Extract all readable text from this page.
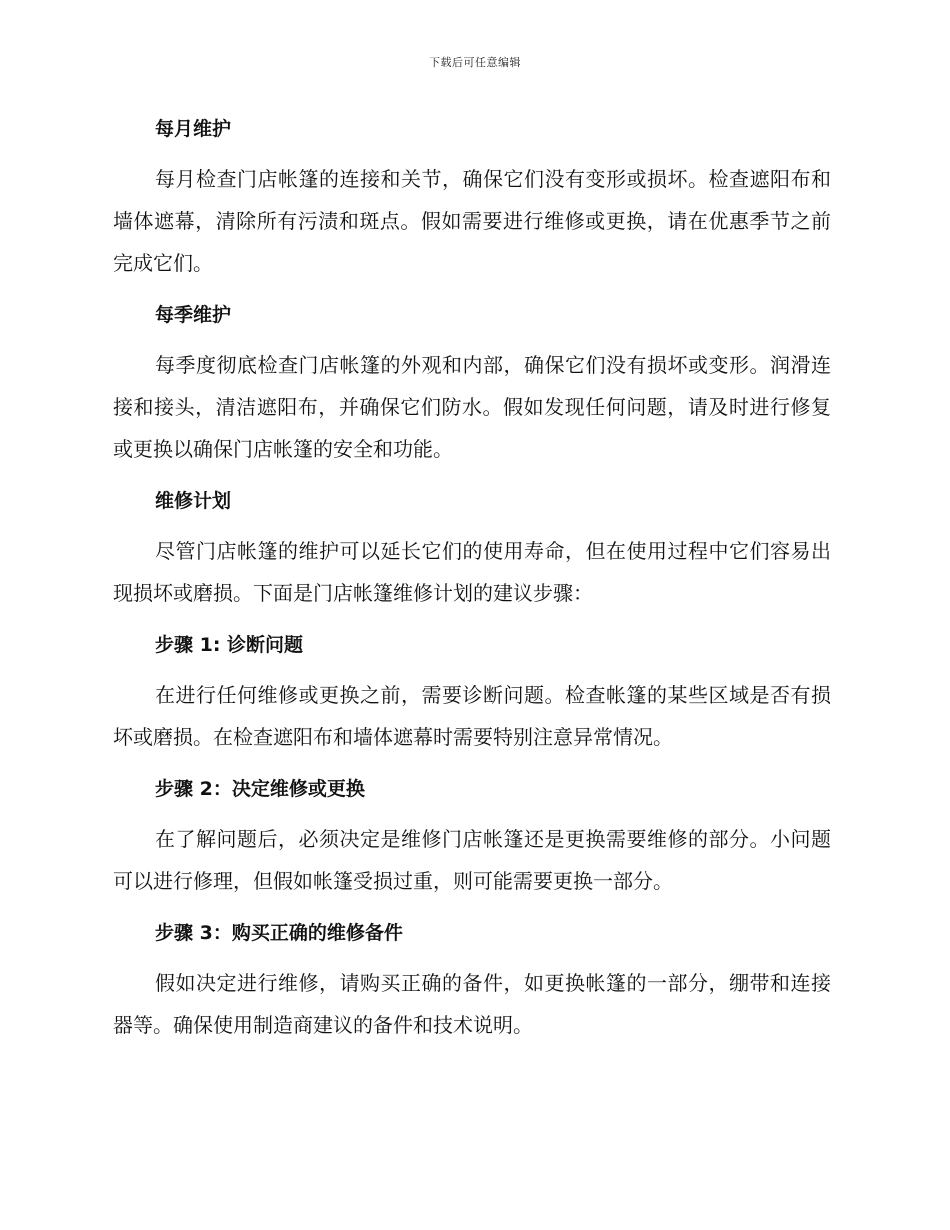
下载后可任意编辑
每月维护

每月检查门店帐篷的连接和关节，确保它们没有变形或损坏。检查遮阳布和墙体遮幕，清除所有污渍和斑点。假如需要进行维修或更换，请在优惠季节之前完成它们。

每季维护

每季度彻底检查门店帐篷的外观和内部，确保它们没有损坏或变形。润滑连接和接头，清洁遮阳布，并确保它们防水。假如发现任何问题，请及时进行修复或更换以确保门店帐篷的安全和功能。

维修计划

尽管门店帐篷的维护可以延长它们的使用寿命，但在使用过程中它们容易出现损坏或磨损。下面是门店帐篷维修计划的建议步骤：

步骤 1: 诊断问题

在进行任何维修或更换之前，需要诊断问题。检查帐篷的某些区域是否有损坏或磨损。在检查遮阳布和墙体遮幕时需要特别注意异常情况。

步骤 2：决定维修或更换

在了解问题后，必须决定是维修门店帐篷还是更换需要维修的部分。小问题可以进行修理，但假如帐篷受损过重，则可能需要更换一部分。

步骤 3：购买正确的维修备件

假如决定进行维修，请购买正确的备件，如更换帐篷的一部分，绷带和连接器等。确保使用制造商建议的备件和技术说明。
